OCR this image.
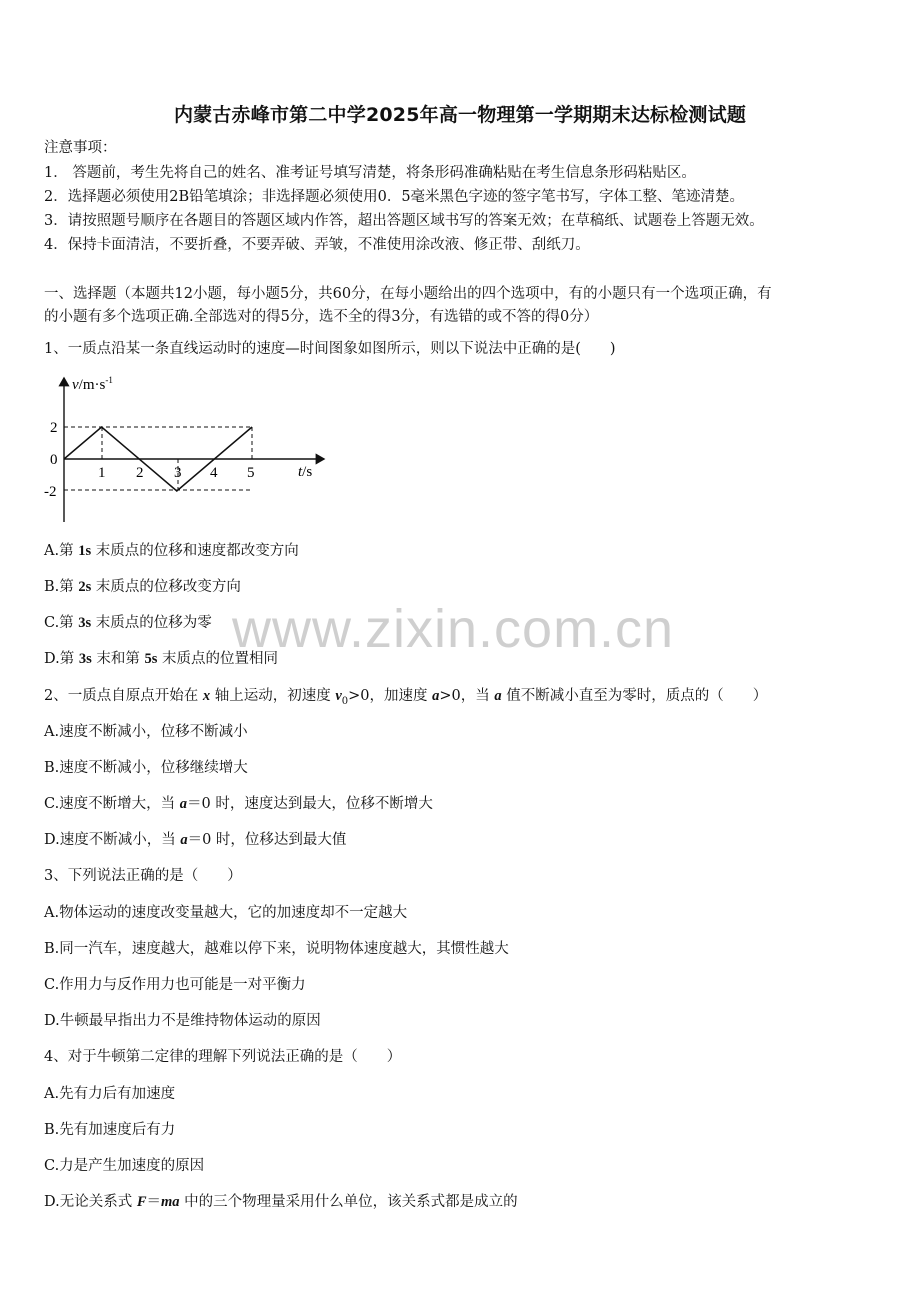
内蒙古赤峰市第二中学2025年高一物理第一学期期末达标检测试题
注意事项：
1． 答题前，考生先将自己的姓名、准考证号填写清楚，将条形码准确粘贴在考生信息条形码粘贴区。
2．选择题必须使用2B铅笔填涂；非选择题必须使用0．5毫米黑色字迹的签字笔书写，字体工整、笔迹清楚。
3．请按照题号顺序在各题目的答题区域内作答，超出答题区域书写的答案无效；在草稿纸、试题卷上答题无效。
4．保持卡面清洁，不要折叠，不要弄破、弄皱，不准使用涂改液、修正带、刮纸刀。
一、选择题（本题共12小题，每小题5分，共60分，在每小题给出的四个选项中，有的小题只有一个选项正确，有
的小题有多个选项正确.全部选对的得5分，选不全的得3分，有选错的或不答的得0分）
1、一质点沿某一条直线运动时的速度—时间图象如图所示，则以下说法中正确的是(　　)
$v/m\cdot s^{-1}$
t/s
2
0
-2
1 2 3 4 5
A.第 1s 末质点的位移和速度都改变方向
B.第 2s 末质点的位移改变方向
C.第 3s 末质点的位移为零
D.第 3s 末和第 5s 末质点的位置相同
2、一质点自原点开始在 x 轴上运动，初速度 $v_0>0$，加速度 a>0，当 a 值不断减小直至为零时，质点的（　　）
A.速度不断减小，位移不断减小
B.速度不断减小，位移继续增大
C.速度不断增大，当 a＝0 时，速度达到最大，位移不断增大
D.速度不断减小，当 a＝0 时，位移达到最大值
3、下列说法正确的是（　　）
A.物体运动的速度改变量越大，它的加速度却不一定越大
B.同一汽车，速度越大，越难以停下来，说明物体速度越大，其惯性越大
C.作用力与反作用力也可能是一对平衡力
D.牛顿最早指出力不是维持物体运动的原因
4、对于牛顿第二定律的理解下列说法正确的是（　　）
A.先有力后有加速度
B.先有加速度后有力
C.力是产生加速度的原因
D.无论关系式 F＝ma 中的三个物理量采用什么单位，该关系式都是成立的
www.zixin.com.cn
